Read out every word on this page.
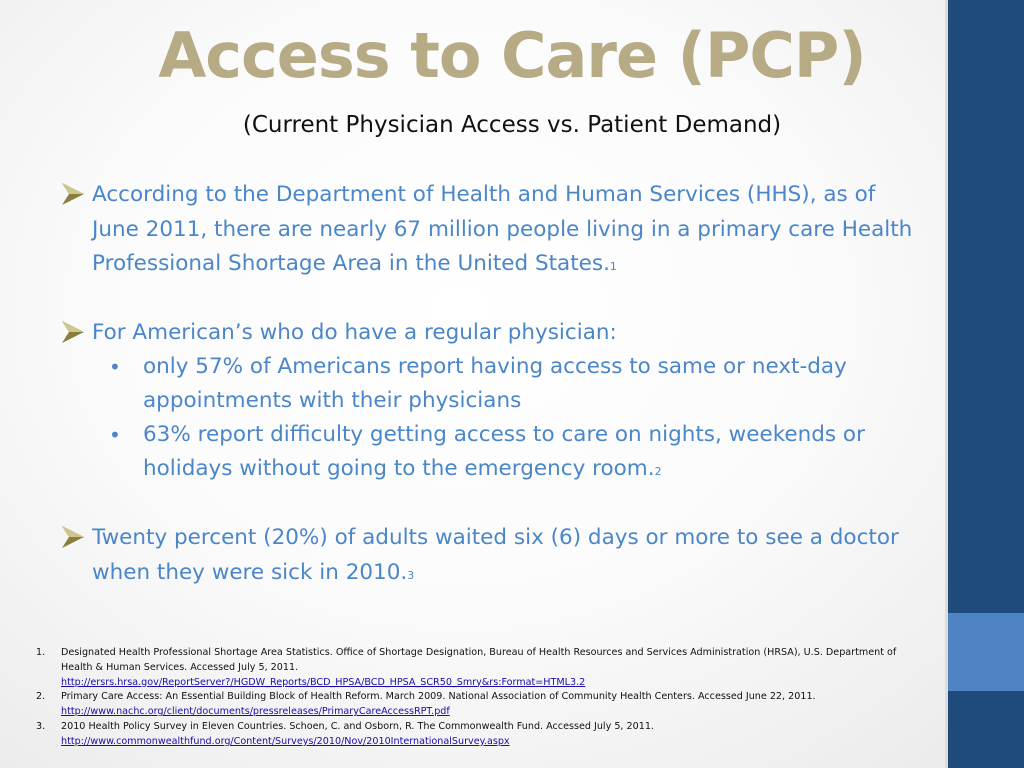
Access to Care (PCP)
(Current Physician Access vs. Patient Demand)
According to the Department of Health and Human Services (HHS), as of June 2011, there are nearly 67 million people living in a primary care Health Professional Shortage Area in the United States.1
For American’s who do have a regular physician:
• only 57% of Americans report having access to same or next-day appointments with their physicians
• 63% report difficulty getting access to care on nights, weekends or holidays without going to the emergency room.2
Twenty percent (20%) of adults waited six (6) days or more to see a doctor when they were sick in 2010.3
1. Designated Health Professional Shortage Area Statistics. Office of Shortage Designation, Bureau of Health Resources and Services Administration (HRSA), U.S. Department of Health & Human Services. Accessed July 5, 2011.
http://ersrs.hrsa.gov/ReportServer?/HGDW_Reports/BCD_HPSA/BCD_HPSA_SCR50_Smry&rs:Format=HTML3.2
2. Primary Care Access: An Essential Building Block of Health Reform. March 2009. National Association of Community Health Centers. Accessed June 22, 2011.
http://www.nachc.org/client/documents/pressreleases/PrimaryCareAccessRPT.pdf
3. 2010 Health Policy Survey in Eleven Countries. Schoen, C. and Osborn, R. The Commonwealth Fund. Accessed July 5, 2011.
http://www.commonwealthfund.org/Content/Surveys/2010/Nov/2010InternationalSurvey.aspx
